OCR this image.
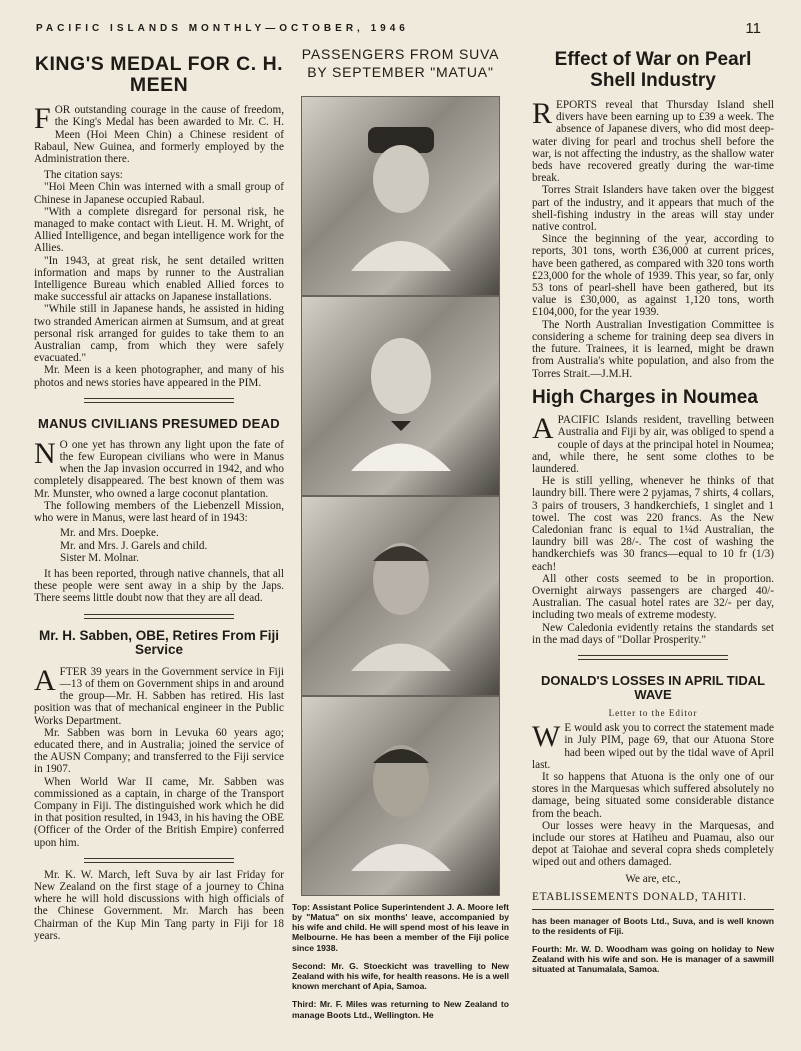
PACIFIC ISLANDS MONTHLY—OCTOBER, 1946	11
KING'S MEDAL FOR C. H. MEEN

FOR outstanding courage in the cause of freedom, the King's Medal has been awarded to Mr. C. H. Meen (Hoi Meen Chin) a Chinese resident of Rabaul, New Guinea, and formerly employed by the Administration there.

The citation says:

"Hoi Meen Chin was interned with a small group of Chinese in Japanese occupied Rabaul.

"With a complete disregard for personal risk, he managed to make contact with Lieut. H. M. Wright, of Allied Intelligence, and began intelligence work for the Allies.

"In 1943, at great risk, he sent detailed written information and maps by runner to the Australian Intelligence Bureau which enabled Allied forces to make successful air attacks on Japanese installations.

"While still in Japanese hands, he assisted in hiding two stranded American airmen at Sumsum, and at great personal risk arranged for guides to take them to an Australian camp, from which they were safely evacuated."

Mr. Meen is a keen photographer, and many of his photos and news stories have appeared in the PIM.

MANUS CIVILIANS PRESUMED DEAD

N O one yet has thrown any light upon the fate of the few European civilians who were in Manus when the Jap invasion occurred in 1942, and who completely disappeared. The best known of them was Mr. Munster, who owned a large coconut plantation.

The following members of the Liebenzell Mission, who were in Manus, were last heard of in 1943:

Mr. and Mrs. Doepke.
Mr. and Mrs. J. Garels and child.
Sister M. Molnar.

It has been reported, through native channels, that all these people were sent away in a ship by the Japs. There seems little doubt now that they are all dead.

Mr. H. Sabben, OBE, Retires From Fiji Service

AFTER 39 years in the Government service in Fiji—13 of them on Government ships in and around the group—Mr. H. Sabben has retired. His last position was that of mechanical engineer in the Public Works Department.

Mr. Sabben was born in Levuka 60 years ago; educated there, and in Australia; joined the service of the AUSN Company; and transferred to the Fiji service in 1907.

When World War II came, Mr. Sabben was commissioned as a captain, in charge of the Transport Company in Fiji. The distinguished work which he did in that position resulted, in 1943, in his having the OBE (Officer of the Order of the British Empire) conferred upon him.

Mr. K. W. March, left Suva by air last Friday for New Zealand on the first stage of a journey to China where he will hold discussions with high officials of the Chinese Government. Mr. March has been Chairman of the Kup Min Tang party in Fiji for 18 years.

PASSENGERS FROM SUVA BY SEPTEMBER "MATUA"
Top: Assistant Police Superintendent J. A. Moore left by "Matua" on six months' leave, accompanied by his wife and child. He will spend most of his leave in Melbourne. He has been a member of the Fiji police since 1938.
Second: Mr. G. Stoeckicht was travelling to New Zealand with his wife, for health reasons. He is a well known merchant of Apia, Samoa.
Third: Mr. F. Miles was returning to New Zealand to manage Boots Ltd., Wellington. He
Effect of War on Pearl Shell Industry

REPORTS reveal that Thursday Island shell divers have been earning up to £39 a week. The absence of Japanese divers, who did most deep-water diving for pearl and trochus shell before the war, is not affecting the industry, as the shallow water beds have recovered greatly during the war-time break.

Torres Strait Islanders have taken over the biggest part of the industry, and it appears that much of the shell-fishing industry in the areas will stay under native control.

Since the beginning of the year, according to reports, 301 tons, worth £36,000 at current prices, have been gathered, as compared with 320 tons worth £23,000 for the whole of 1939. This year, so far, only 53 tons of pearl-shell have been gathered, but its value is £30,000, as against 1,120 tons, worth £104,000, for the year 1939.

The North Australian Investigation Committee is considering a scheme for training deep sea divers in the future. Trainees, it is learned, might be drawn from Australia's white population, and also from the Torres Strait.—J.M.H.

High Charges in Noumea

APACIFIC Islands resident, travelling between Australia and Fiji by air, was obliged to spend a couple of days at the principal hotel in Noumea; and, while there, he sent some clothes to be laundered.

He is still yelling, whenever he thinks of that laundry bill. There were 2 pyjamas, 7 shirts, 4 collars, 3 pairs of trousers, 3 handkerchiefs, 1 singlet and 1 towel. The cost was 220 francs. As the New Caledonian franc is equal to 1¼d Australian, the laundry bill was 28/-. The cost of washing the handkerchiefs was 30 francs—equal to 10 fr (1/3) each!

All other costs seemed to be in proportion. Overnight airways passengers are charged 40/- Australian. The casual hotel rates are 32/- per day, including two meals of extreme modesty.

New Caledonia evidently retains the standards set in the mad days of "Dollar Prosperity."

DONALD'S LOSSES IN APRIL TIDAL WAVE
Letter to the Editor

W E would ask you to correct the statement made in July PIM, page 69, that our Atuona Store had been wiped out by the tidal wave of April last.

It so happens that Atuona is the only one of our stores in the Marquesas which suffered absolutely no damage, being situated some considerable distance from the beach.

Our losses were heavy in the Marquesas, and include our stores at Hatiheu and Puamau, also our depot at Taiohae and several copra sheds completely wiped out and others damaged.

We are, etc.,
ETABLISSEMENTS DONALD, TAHITI.
has been manager of Boots Ltd., Suva, and is well known to the residents of Fiji.
Fourth: Mr. W. D. Woodham was going on holiday to New Zealand with his wife and son. He is manager of a sawmill situated at Tanumalala, Samoa.
